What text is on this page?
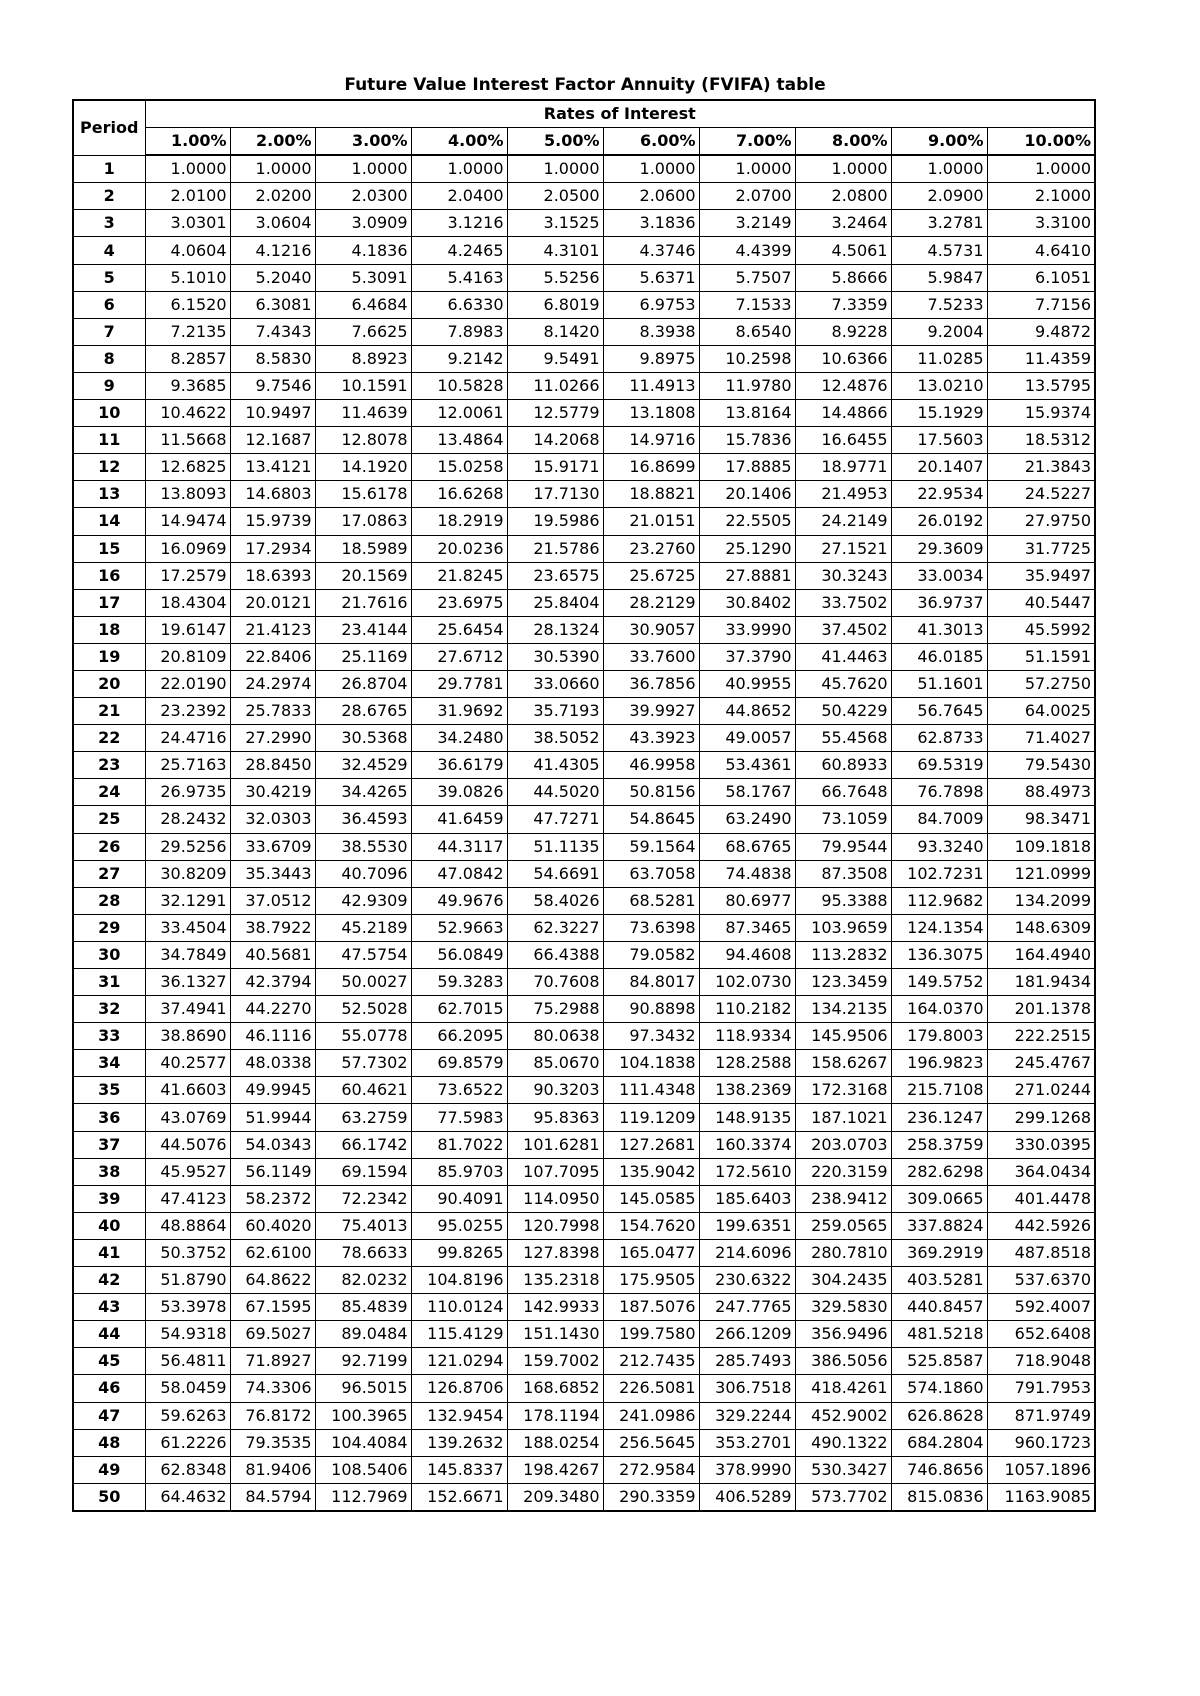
Future Value Interest Factor Annuity (FVIFA) table
Period	Rates of Interest									
	1.00%	2.00%	3.00%	4.00%	5.00%	6.00%	7.00%	8.00%	9.00%	10.00%
1	1.0000	1.0000	1.0000	1.0000	1.0000	1.0000	1.0000	1.0000	1.0000	1.0000
2	2.0100	2.0200	2.0300	2.0400	2.0500	2.0600	2.0700	2.0800	2.0900	2.1000
3	3.0301	3.0604	3.0909	3.1216	3.1525	3.1836	3.2149	3.2464	3.2781	3.3100
4	4.0604	4.1216	4.1836	4.2465	4.3101	4.3746	4.4399	4.5061	4.5731	4.6410
5	5.1010	5.2040	5.3091	5.4163	5.5256	5.6371	5.7507	5.8666	5.9847	6.1051
6	6.1520	6.3081	6.4684	6.6330	6.8019	6.9753	7.1533	7.3359	7.5233	7.7156
7	7.2135	7.4343	7.6625	7.8983	8.1420	8.3938	8.6540	8.9228	9.2004	9.4872
8	8.2857	8.5830	8.8923	9.2142	9.5491	9.8975	10.2598	10.6366	11.0285	11.4359
9	9.3685	9.7546	10.1591	10.5828	11.0266	11.4913	11.9780	12.4876	13.0210	13.5795
10	10.4622	10.9497	11.4639	12.0061	12.5779	13.1808	13.8164	14.4866	15.1929	15.9374
11	11.5668	12.1687	12.8078	13.4864	14.2068	14.9716	15.7836	16.6455	17.5603	18.5312
12	12.6825	13.4121	14.1920	15.0258	15.9171	16.8699	17.8885	18.9771	20.1407	21.3843
13	13.8093	14.6803	15.6178	16.6268	17.7130	18.8821	20.1406	21.4953	22.9534	24.5227
14	14.9474	15.9739	17.0863	18.2919	19.5986	21.0151	22.5505	24.2149	26.0192	27.9750
15	16.0969	17.2934	18.5989	20.0236	21.5786	23.2760	25.1290	27.1521	29.3609	31.7725
16	17.2579	18.6393	20.1569	21.8245	23.6575	25.6725	27.8881	30.3243	33.0034	35.9497
17	18.4304	20.0121	21.7616	23.6975	25.8404	28.2129	30.8402	33.7502	36.9737	40.5447
18	19.6147	21.4123	23.4144	25.6454	28.1324	30.9057	33.9990	37.4502	41.3013	45.5992
19	20.8109	22.8406	25.1169	27.6712	30.5390	33.7600	37.3790	41.4463	46.0185	51.1591
20	22.0190	24.2974	26.8704	29.7781	33.0660	36.7856	40.9955	45.7620	51.1601	57.2750
21	23.2392	25.7833	28.6765	31.9692	35.7193	39.9927	44.8652	50.4229	56.7645	64.0025
22	24.4716	27.2990	30.5368	34.2480	38.5052	43.3923	49.0057	55.4568	62.8733	71.4027
23	25.7163	28.8450	32.4529	36.6179	41.4305	46.9958	53.4361	60.8933	69.5319	79.5430
24	26.9735	30.4219	34.4265	39.0826	44.5020	50.8156	58.1767	66.7648	76.7898	88.4973
25	28.2432	32.0303	36.4593	41.6459	47.7271	54.8645	63.2490	73.1059	84.7009	98.3471
26	29.5256	33.6709	38.5530	44.3117	51.1135	59.1564	68.6765	79.9544	93.3240	109.1818
27	30.8209	35.3443	40.7096	47.0842	54.6691	63.7058	74.4838	87.3508	102.7231	121.0999
28	32.1291	37.0512	42.9309	49.9676	58.4026	68.5281	80.6977	95.3388	112.9682	134.2099
29	33.4504	38.7922	45.2189	52.9663	62.3227	73.6398	87.3465	103.9659	124.1354	148.6309
30	34.7849	40.5681	47.5754	56.0849	66.4388	79.0582	94.4608	113.2832	136.3075	164.4940
31	36.1327	42.3794	50.0027	59.3283	70.7608	84.8017	102.0730	123.3459	149.5752	181.9434
32	37.4941	44.2270	52.5028	62.7015	75.2988	90.8898	110.2182	134.2135	164.0370	201.1378
33	38.8690	46.1116	55.0778	66.2095	80.0638	97.3432	118.9334	145.9506	179.8003	222.2515
34	40.2577	48.0338	57.7302	69.8579	85.0670	104.1838	128.2588	158.6267	196.9823	245.4767
35	41.6603	49.9945	60.4621	73.6522	90.3203	111.4348	138.2369	172.3168	215.7108	271.0244
36	43.0769	51.9944	63.2759	77.5983	95.8363	119.1209	148.9135	187.1021	236.1247	299.1268
37	44.5076	54.0343	66.1742	81.7022	101.6281	127.2681	160.3374	203.0703	258.3759	330.0395
38	45.9527	56.1149	69.1594	85.9703	107.7095	135.9042	172.5610	220.3159	282.6298	364.0434
39	47.4123	58.2372	72.2342	90.4091	114.0950	145.0585	185.6403	238.9412	309.0665	401.4478
40	48.8864	60.4020	75.4013	95.0255	120.7998	154.7620	199.6351	259.0565	337.8824	442.5926
41	50.3752	62.6100	78.6633	99.8265	127.8398	165.0477	214.6096	280.7810	369.2919	487.8518
42	51.8790	64.8622	82.0232	104.8196	135.2318	175.9505	230.6322	304.2435	403.5281	537.6370
43	53.3978	67.1595	85.4839	110.0124	142.9933	187.5076	247.7765	329.5830	440.8457	592.4007
44	54.9318	69.5027	89.0484	115.4129	151.1430	199.7580	266.1209	356.9496	481.5218	652.6408
45	56.4811	71.8927	92.7199	121.0294	159.7002	212.7435	285.7493	386.5056	525.8587	718.9048
46	58.0459	74.3306	96.5015	126.8706	168.6852	226.5081	306.7518	418.4261	574.1860	791.7953
47	59.6263	76.8172	100.3965	132.9454	178.1194	241.0986	329.2244	452.9002	626.8628	871.9749
48	61.2226	79.3535	104.4084	139.2632	188.0254	256.5645	353.2701	490.1322	684.2804	960.1723
49	62.8348	81.9406	108.5406	145.8337	198.4267	272.9584	378.9990	530.3427	746.8656	1057.1896
50	64.4632	84.5794	112.7969	152.6671	209.3480	290.3359	406.5289	573.7702	815.0836	1163.9085
